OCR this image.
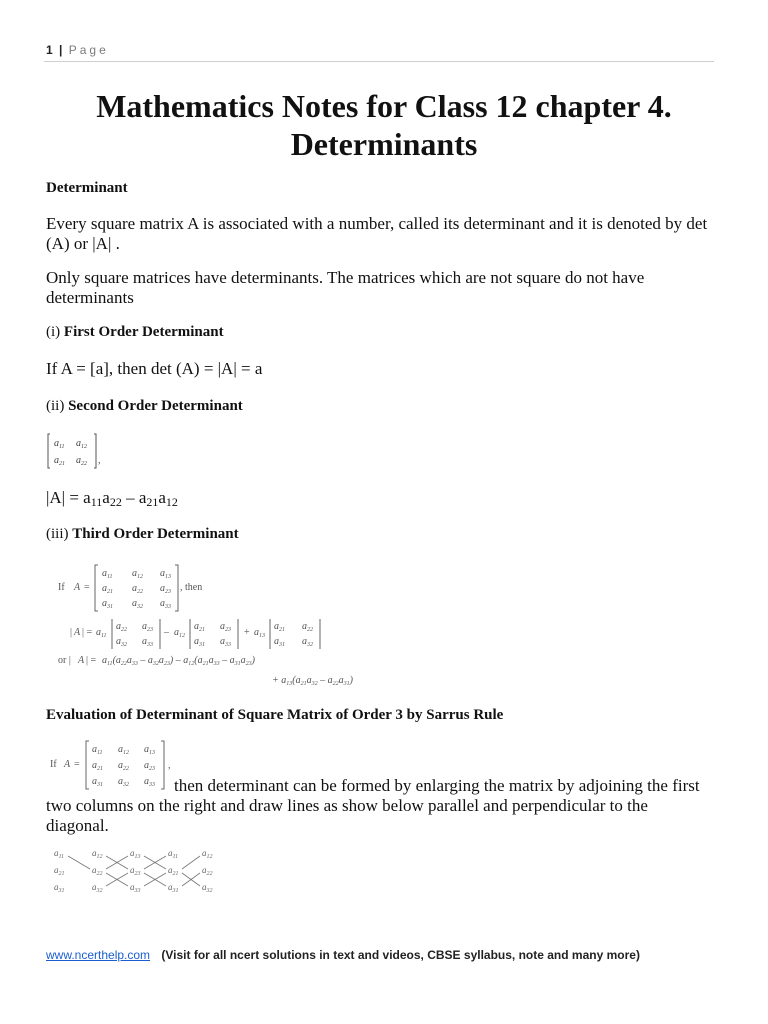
1 | Page
Mathematics Notes for Class 12 chapter 4.
Determinants
Determinant
Every square matrix A is associated with a number, called its determinant and it is denoted by det (A) or |A| .
Only square matrices have determinants. The matrices which are not square do not have determinants
(i) First Order Determinant
If A = [a], then det (A) = |A| = a
(ii) Second Order Determinant
$a_{11}$ $a_{12}$
$a_{21}$ $a_{22}$ ,
$|A| = a_{11}a_{22} - a_{21}a_{12}$
(iii) Third Order Determinant
If A =
$a_{11}$ $a_{12}$ $a_{13}$
$a_{21}$ $a_{22}$ $a_{23}$
$a_{31}$ $a_{32}$ $a_{33}$
, then
| A | = $a_{11}$
$a_{22}$ $a_{23}$
$a_{32}$ $a_{33}$
– $a_{12}$
$a_{21}$ $a_{23}$
$a_{31}$ $a_{33}$
+ $a_{13}$
$a_{21}$ $a_{22}$
$a_{31}$ $a_{32}$
or | A | = $a_{11}(a_{22}a_{33} - a_{32}a_{23}) - a_{12}(a_{21}a_{33} - a_{31}a_{23})$
+ $a_{13}(a_{21}a_{32} - a_{22}a_{31})$
Evaluation of Determinant of Square Matrix of Order 3 by Sarrus Rule
If A =
$a_{11}$ $a_{12}$ $a_{13}$
$a_{21}$ $a_{22}$ $a_{23}$
$a_{31}$ $a_{32}$ $a_{33}$
,
then determinant can be formed by enlarging the matrix by adjoining the first
two columns on the right and draw lines as show below parallel and perpendicular to the diagonal.
$a_{11}$	$a_{12}$	$a_{13}$	$a_{11}$	$a_{12}$
$a_{21}$	$a_{22}$	$a_{23}$	$a_{21}$	$a_{22}$
$a_{31}$	$a_{32}$	$a_{33}$	$a_{31}$	$a_{32}$
www.ncerthelp.com (Visit for all ncert solutions in text and videos, CBSE syllabus, note and many more)
